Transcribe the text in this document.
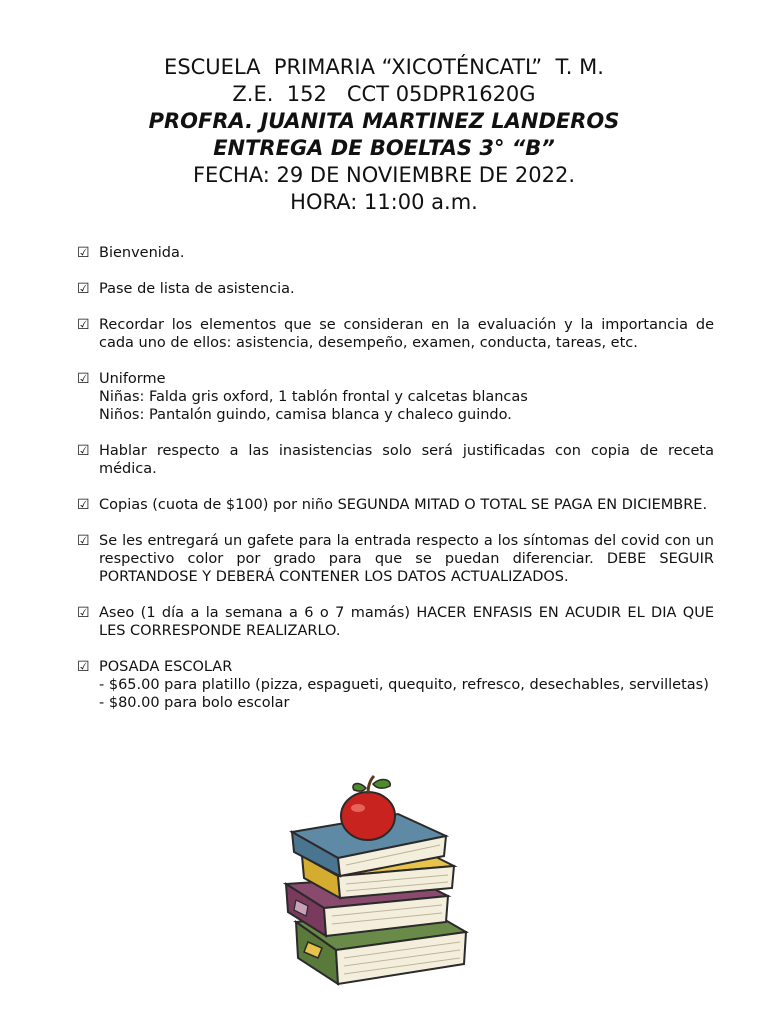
ESCUELA  PRIMARIA “XICOTÉNCATL”  T. M.
Z.E.  152   CCT 05DPR1620G
PROFRA. JUANITA MARTINEZ LANDEROS
ENTREGA DE BOELTAS 3° “B”
FECHA: 29 DE NOVIEMBRE DE 2022.
HORA: 11:00 a.m.
☑ Bienvenida.
☑ Pase de lista de asistencia.
☑ Recordar los elementos que se consideran en la evaluación y la importancia de cada uno de ellos: asistencia, desempeño, examen, conducta, tareas, etc.
☑ Uniforme
Niñas: Falda gris oxford, 1 tablón frontal y calcetas blancas
Niños: Pantalón guindo, camisa blanca y chaleco guindo.
☑ Hablar respecto a las inasistencias solo será justificadas con copia de receta médica.
☑ Copias (cuota de $100) por niño SEGUNDA MITAD O TOTAL SE PAGA EN DICIEMBRE.
☑ Se les entregará un gafete para la entrada respecto a los síntomas del covid con un respectivo color por grado para que se puedan diferenciar. DEBE SEGUIR PORTANDOSE Y DEBERÁ CONTENER LOS DATOS ACTUALIZADOS.
☑ Aseo (1 día a la semana a 6 o 7 mamás) HACER ENFASIS EN ACUDIR EL DIA QUE LES CORRESPONDE REALIZARLO.
☑ POSADA ESCOLAR
- $65.00 para platillo (pizza, espagueti, quequito, refresco, desechables, servilletas)
- $80.00 para bolo escolar
